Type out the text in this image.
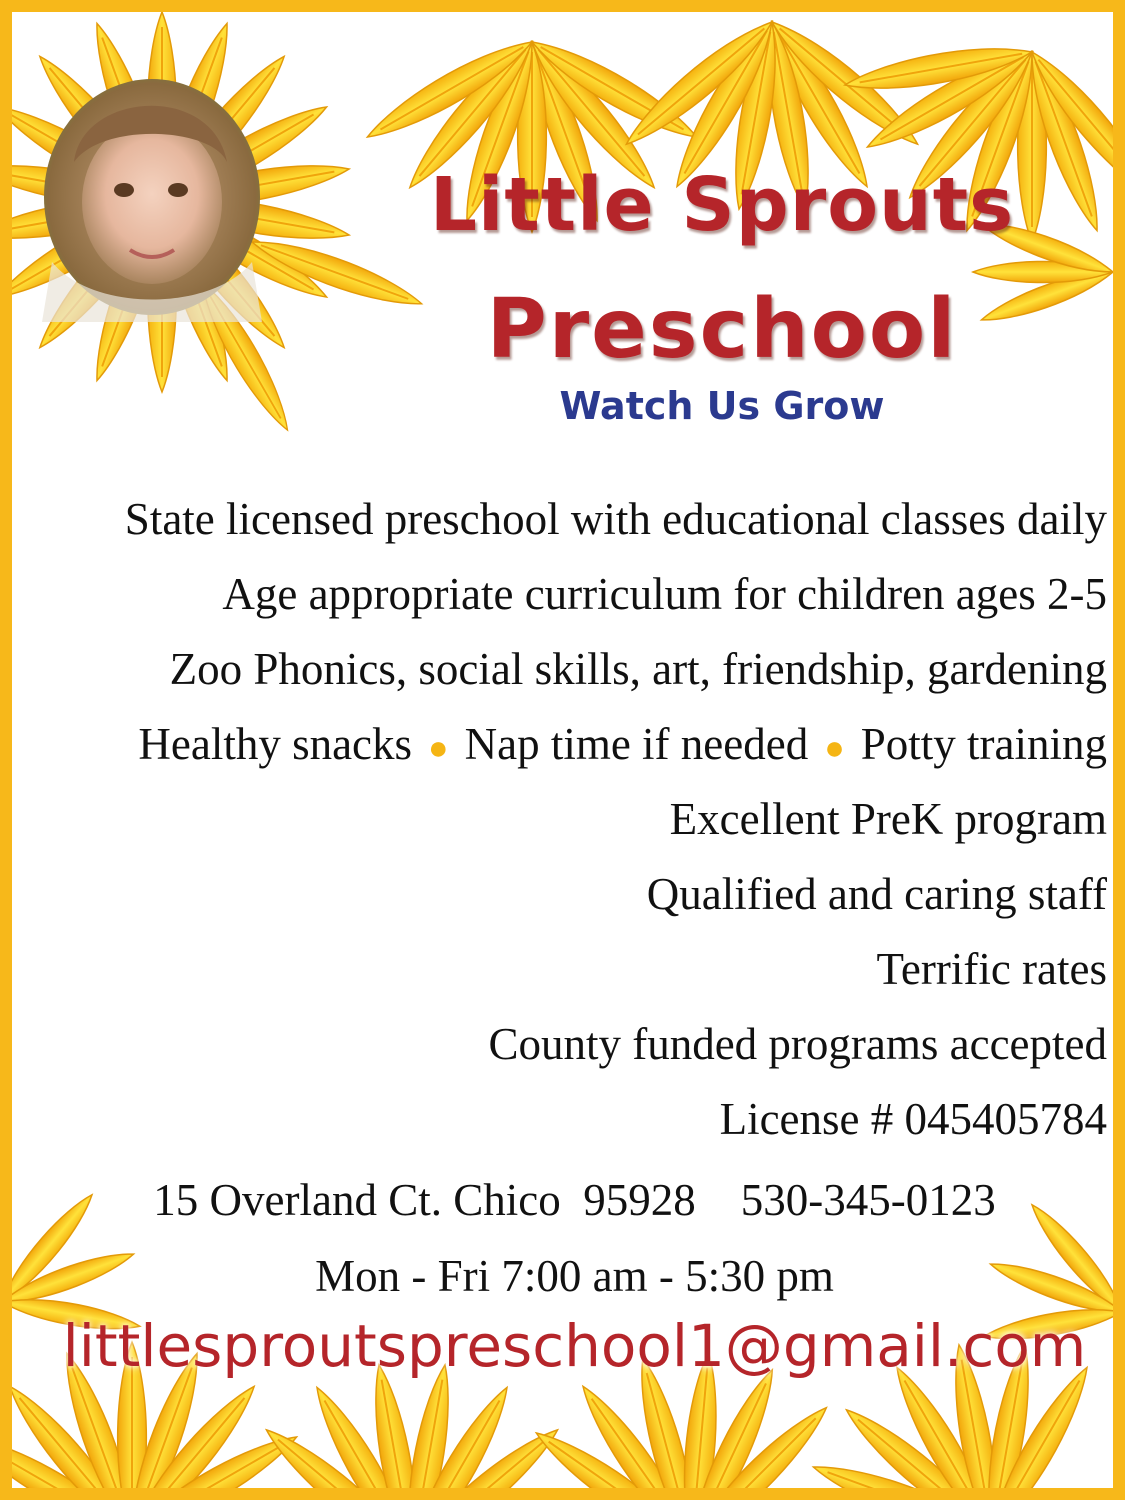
Little Sprouts
Preschool

Watch Us Grow

State licensed preschool with educational classes daily
Age appropriate curriculum for children ages 2-5
Zoo Phonics, social skills, art, friendship, gardening
Healthy snacks ● Nap time if needed ● Potty training
Excellent PreK program
Qualified and caring staff
Terrific rates
County funded programs accepted
License # 045405784

15 Overland Ct. Chico  95928    530-345-0123

Mon - Fri 7:00 am - 5:30 pm

littlesproutspreschool1@gmail.com
